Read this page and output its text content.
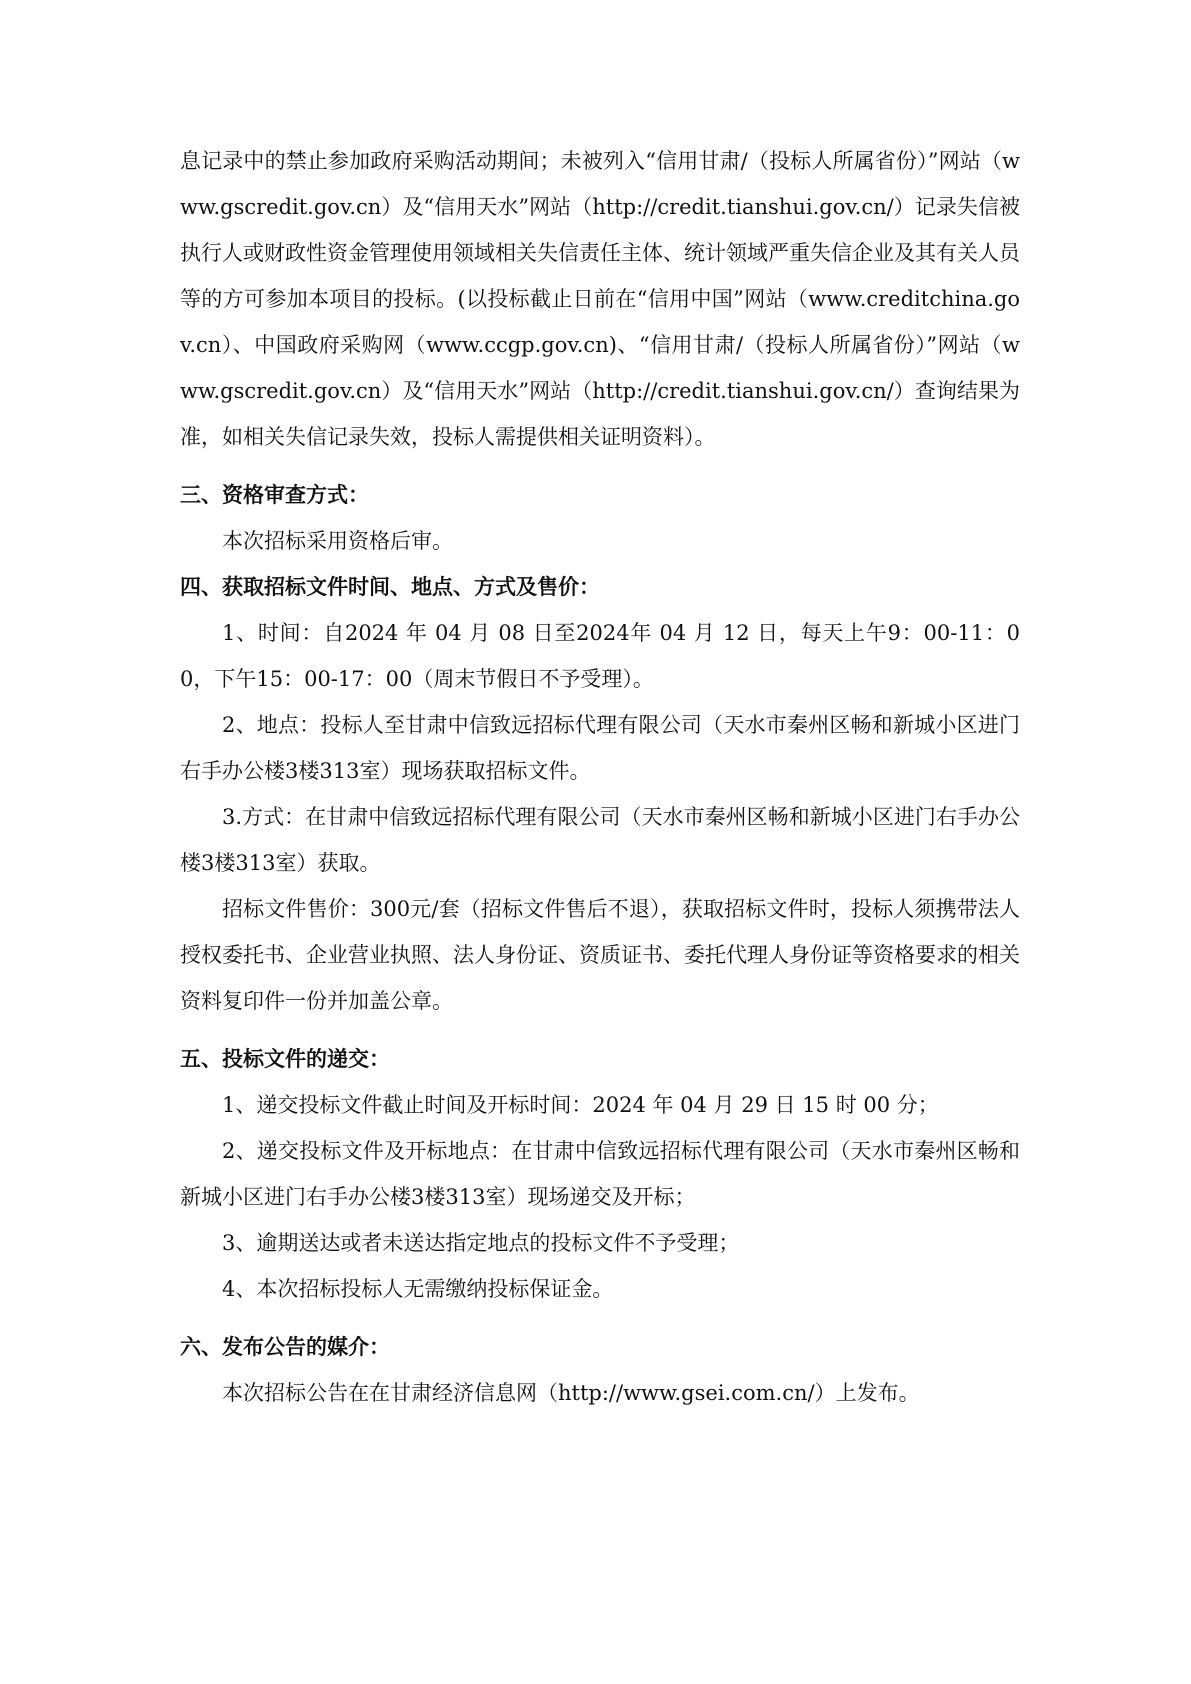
息记录中的禁止参加政府采购活动期间；未被列入“信用甘肃/（投标人所属省份）”网站（www.gscredit.gov.cn）及“信用天水”网站（http://credit.tianshui.gov.cn/）记录失信被执行人或财政性资金管理使用领域相关失信责任主体、统计领域严重失信企业及其有关人员等的方可参加本项目的投标。(以投标截止日前在“信用中国”网站（www.creditchina.gov.cn）、中国政府采购网（www.ccgp.gov.cn)、“信用甘肃/（投标人所属省份）”网站（www.gscredit.gov.cn）及“信用天水”网站（http://credit.tianshui.gov.cn/）查询结果为准，如相关失信记录失效，投标人需提供相关证明资料）。

三、资格审查方式：

本次招标采用资格后审。

四、获取招标文件时间、地点、方式及售价：

1、时间：自2024 年 04 月 08 日至2024年 04 月 12 日，每天上午9：00-11：00，下午15：00-17：00（周末节假日不予受理）。

2、地点：投标人至甘肃中信致远招标代理有限公司（天水市秦州区畅和新城小区进门右手办公楼3楼313室）现场获取招标文件。

3.方式：在甘肃中信致远招标代理有限公司（天水市秦州区畅和新城小区进门右手办公楼3楼313室）获取。

招标文件售价：300元/套（招标文件售后不退），获取招标文件时，投标人须携带法人授权委托书、企业营业执照、法人身份证、资质证书、委托代理人身份证等资格要求的相关资料复印件一份并加盖公章。

五、投标文件的递交：

1、递交投标文件截止时间及开标时间：2024 年 04 月 29 日 15 时 00 分；

2、递交投标文件及开标地点：在甘肃中信致远招标代理有限公司（天水市秦州区畅和新城小区进门右手办公楼3楼313室）现场递交及开标；

3、逾期送达或者未送达指定地点的投标文件不予受理；

4、本次招标投标人无需缴纳投标保证金。

六、发布公告的媒介：

本次招标公告在在甘肃经济信息网（http://www.gsei.com.cn/）上发布。
